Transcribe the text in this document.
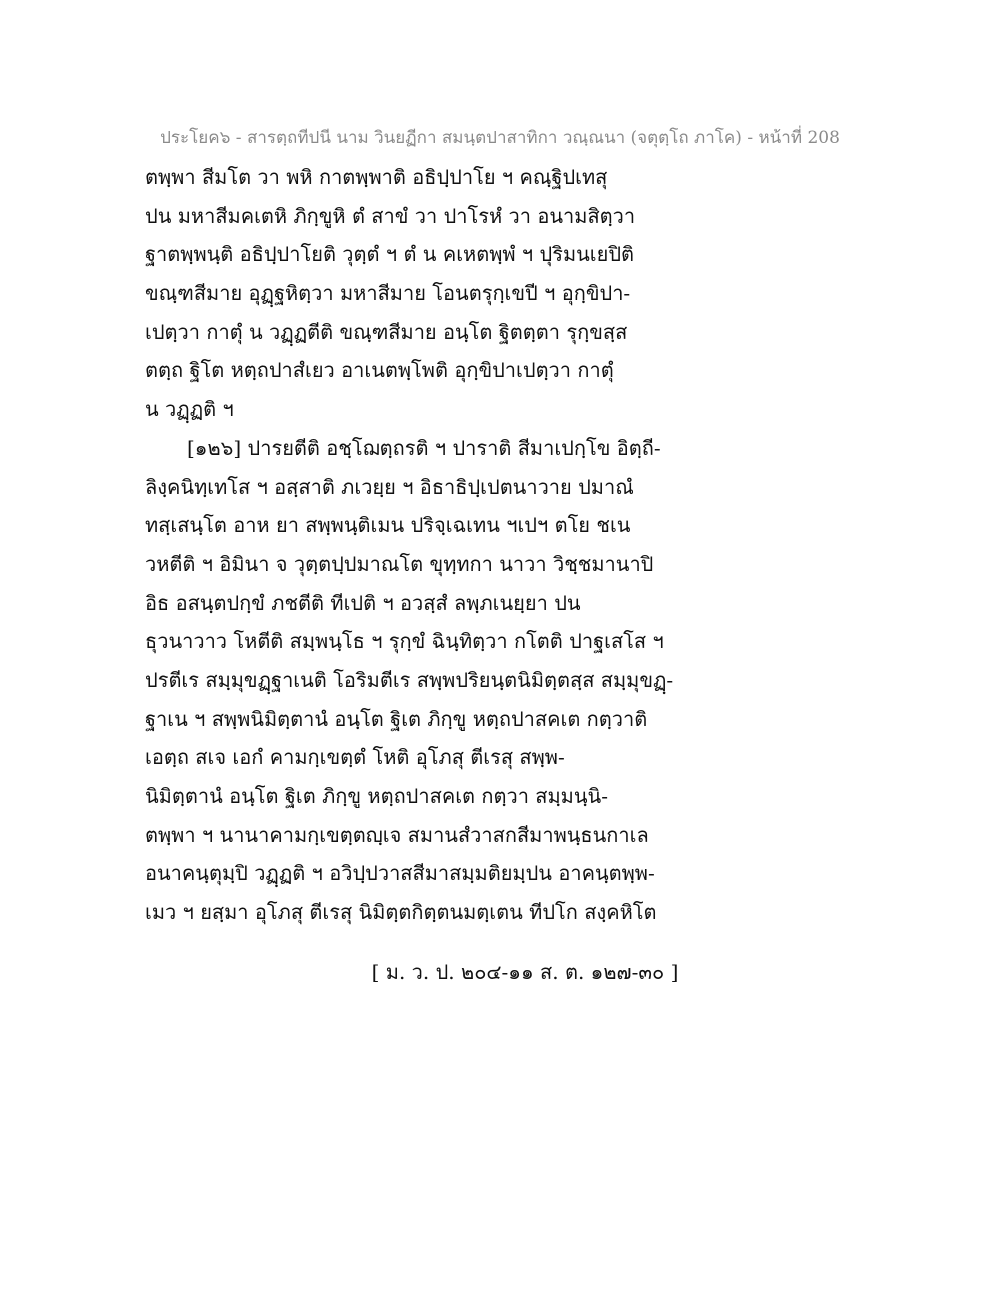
ประโยค๖ - สารตฺถทีปนี นาม วินยฏีกา สมนฺตปาสาทิกา วณฺณนา (จตุตฺโถ ภาโค) - หน้าที่ 208
ตพฺพา สีมโต วา พหิ กาตพฺพาติ อธิปฺปาโย ฯ คณฺฐิปเทสุ
ปน มหาสีมคเตหิ ภิกฺขูหิ ตํ สาขํ วา ปาโรหํ วา อนามสิตฺวา
ฐาตพฺพนฺติ อธิปฺปาโยติ วุตฺตํ ฯ ตํ น คเหตพฺพํ ฯ ปุริมนเยปิติ
ขณฺฑสีมาย อุฏฺฐหิตฺวา มหาสีมาย โอนตรุกฺเขปี ฯ อุกฺขิปา-
เปตฺวา กาตุํ น วฏฺฏตีติ ขณฺฑสีมาย อนฺโต ฐิตตฺตา รุกฺขสฺส
ตตฺถ ฐิโต หตฺถปาสํเยว อาเนตพฺโพติ อุกฺขิปาเปตฺวา กาตุํ
น วฏฺฏติ ฯ
[๑๒๖] ปารยตีติ อชฺโฌตฺถรติ ฯ ปาราติ สีมาเปกฺโข อิตฺถี-
ลิงฺคนิทฺเทโส ฯ อสฺสาติ ภเวยฺย ฯ อิธาธิปฺเปตนาวาย ปมาณํ
ทสฺเสนฺโต อาห ยา สพฺพนฺติเมน ปริจฺเฉเทน ฯเปฯ ตโย ชเน
วหตีติ ฯ อิมินา จ วุตฺตปฺปมาณโต ขุทฺทกา นาวา วิชฺชมานาปิ
อิธ อสนฺตปกฺขํ ภชตีติ ทีเปติ ฯ อวสฺสํ ลพฺภเนยฺยา ปน
ธุวนาวาว โหตีติ สมฺพนฺโธ ฯ รุกฺขํ ฉินฺทิตฺวา กโตติ ปาฐเสโส ฯ
ปรตีเร สมฺมุขฏฺฐาเนติ โอริมตีเร สพฺพปริยนฺตนิมิตฺตสฺส สมฺมุขฏฺ-
ฐาเน ฯ สพฺพนิมิตฺตานํ อนฺโต ฐิเต ภิกฺขู หตฺถปาสคเต กตฺวาติ
เอตฺถ สเจ เอกํ คามกฺเขตฺตํ โหติ อุโภสุ ตีเรสุ สพฺพ-
นิมิตฺตานํ อนฺโต ฐิเต ภิกฺขู หตฺถปาสคเต กตฺวา สมฺมนฺนิ-
ตพฺพา ฯ นานาคามกฺเขตฺตญฺเจ สมานสํวาสกสีมาพนฺธนกาเล
อนาคนฺตุมฺปิ วฏฺฏติ ฯ อวิปฺปวาสสีมาสมฺมติยมฺปน อาคนฺตพฺพ-
เมว ฯ ยสฺมา อุโภสุ ตีเรสุ นิมิตฺตกิตฺตนมตฺเตน ทีปโก สงฺคหิโต
[ ม. ว. ป. ๒๐๔-๑๑ ส. ต. ๑๒๗-๓๐ ]
